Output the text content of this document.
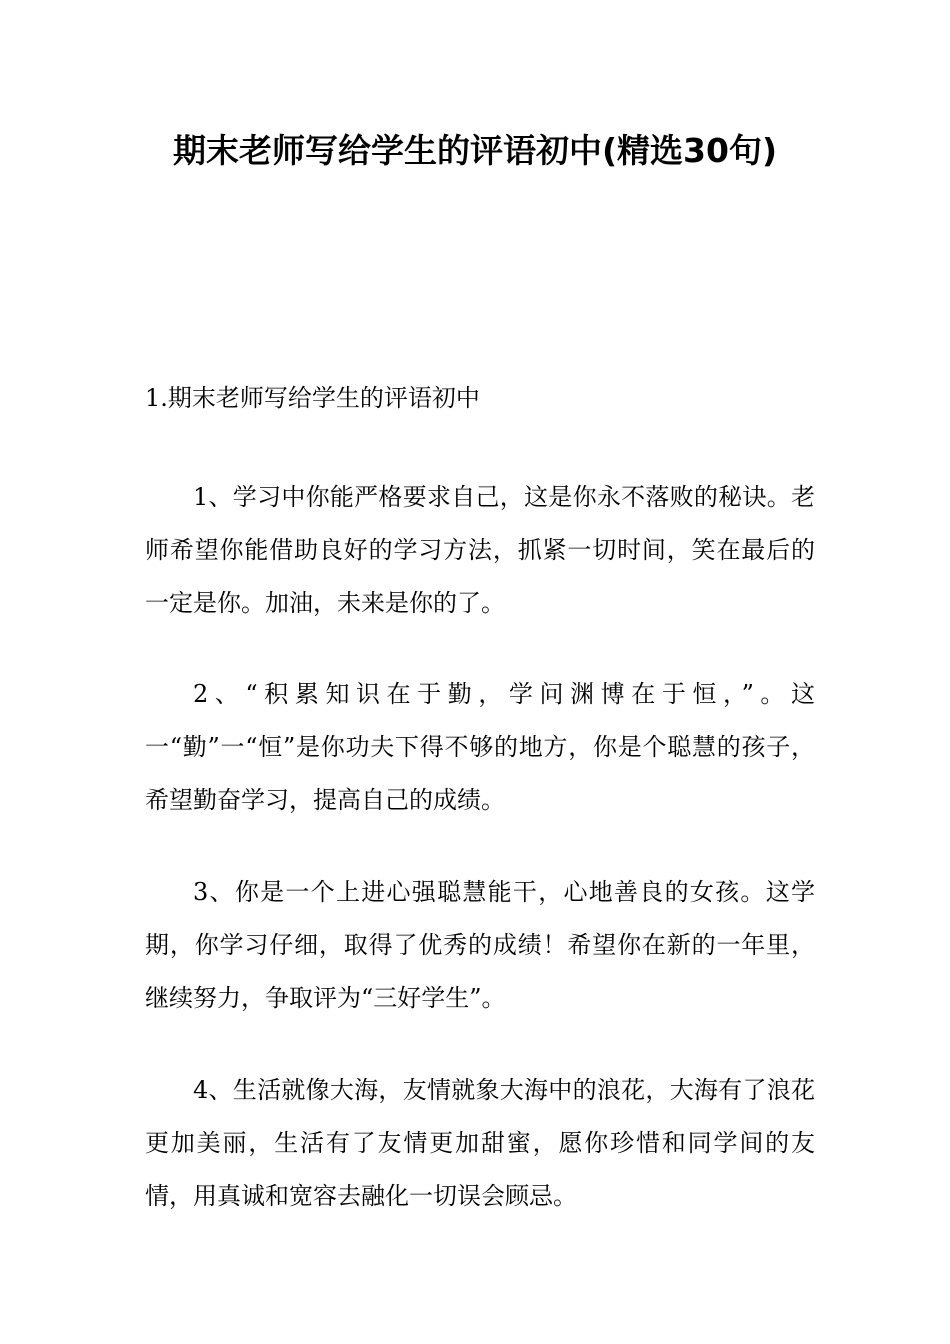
期末老师写给学生的评语初中(精选30句)
1.期末老师写给学生的评语初中

1、学习中你能严格要求自己，这是你永不落败的秘诀。老师希望你能借助良好的学习方法，抓紧一切时间，笑在最后的一定是你。加油，未来是你的了。

2、“积累知识在于勤，学问渊博在于恒，”。这一“勤”一“恒”是你功夫下得不够的地方，你是个聪慧的孩子，希望勤奋学习，提高自己的成绩。

3、你是一个上进心强聪慧能干，心地善良的女孩。这学期，你学习仔细，取得了优秀的成绩！希望你在新的一年里，继续努力，争取评为“三好学生”。

4、生活就像大海，友情就象大海中的浪花，大海有了浪花更加美丽，生活有了友情更加甜蜜，愿你珍惜和同学间的友情，用真诚和宽容去融化一切误会顾忌。
